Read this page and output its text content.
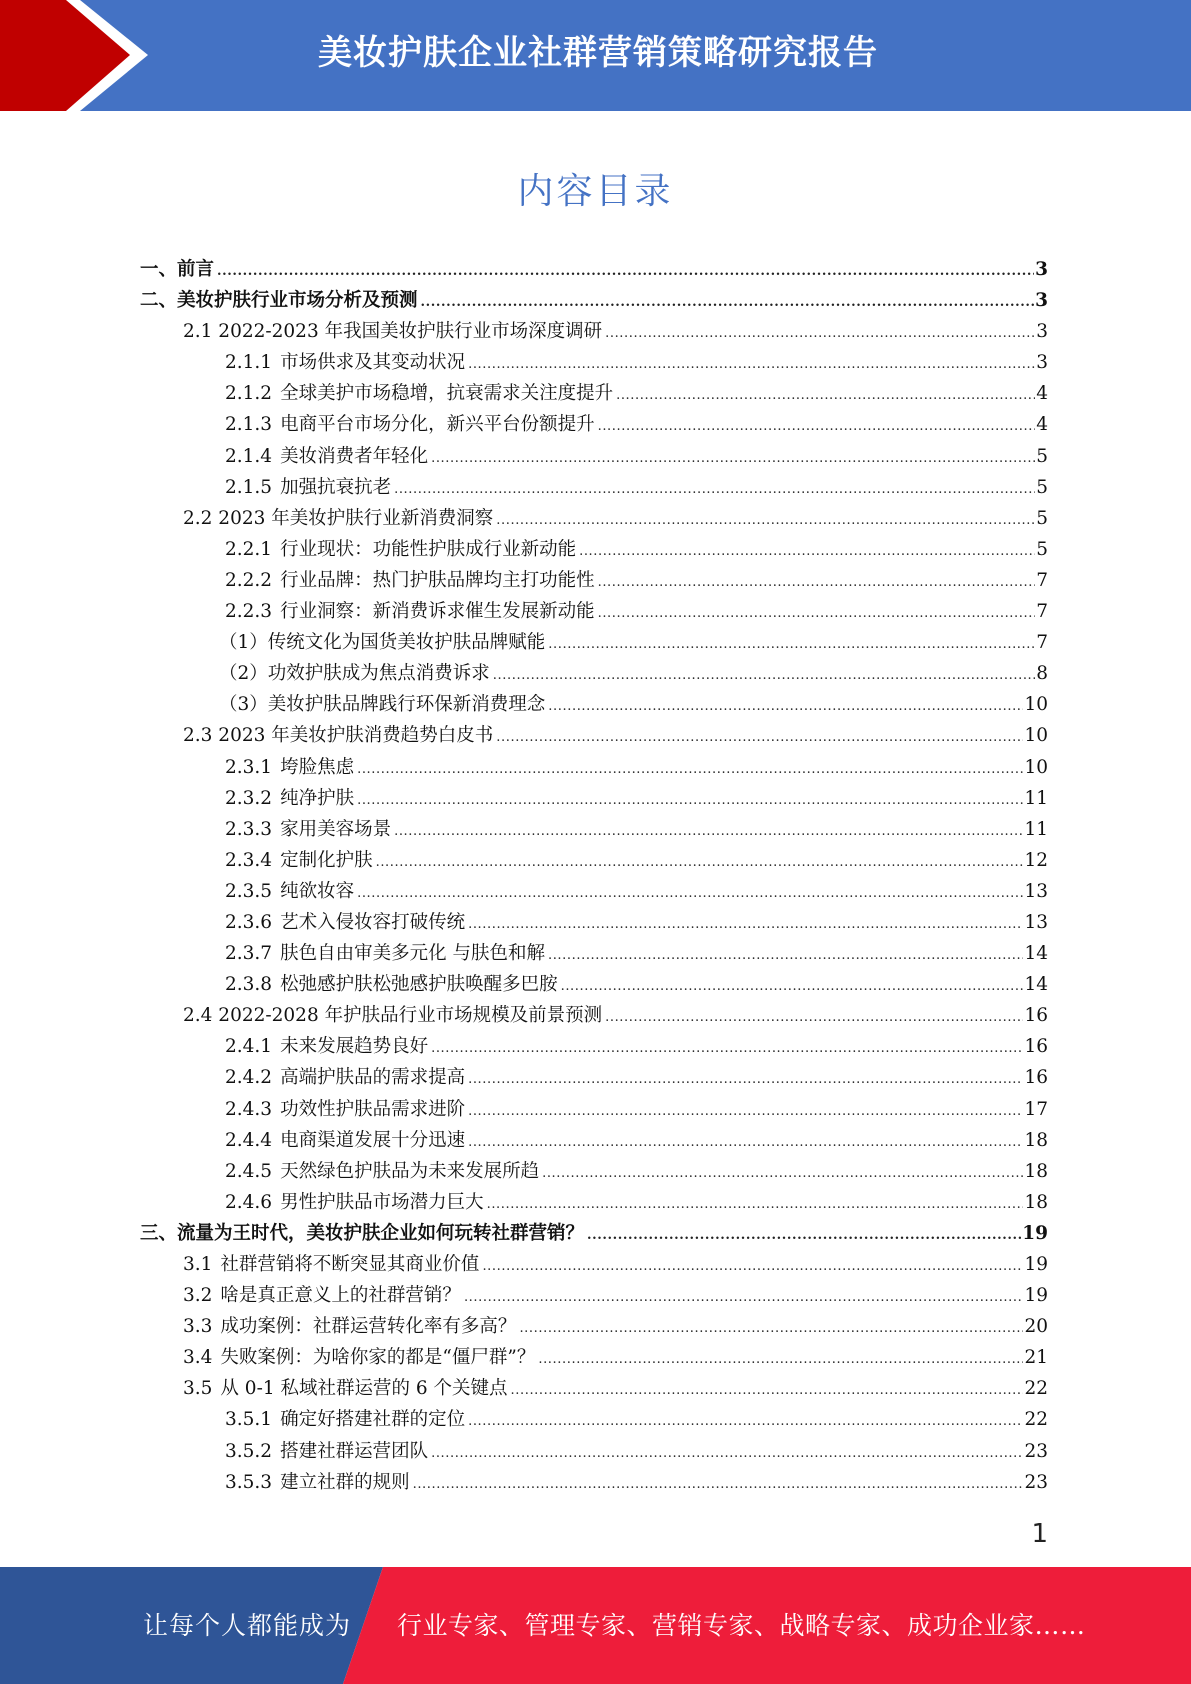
美妆护肤企业社群营销策略研究报告
内容目录
一、前言 .....	3
二、美妆护肤行业市场分析及预测 .....	3
2.1 2022-2023 年我国美妆护肤行业市场深度调研 .....	3
2.1.1 市场供求及其变动状况 .....	3
2.1.2 全球美护市场稳增，抗衰需求关注度提升 .....	4
2.1.3 电商平台市场分化，新兴平台份额提升 .....	4
2.1.4 美妆消费者年轻化 .....	5
2.1.5 加强抗衰抗老 .....	5
2.2 2023 年美妆护肤行业新消费洞察 .....	5
2.2.1 行业现状：功能性护肤成行业新动能 .....	5
2.2.2 行业品牌：热门护肤品牌均主打功能性 .....	7
2.2.3 行业洞察：新消费诉求催生发展新动能 .....	7
（1） 传统文化为国货美妆护肤品牌赋能 .....	7
（2） 功效护肤成为焦点消费诉求 .....	8
（3） 美妆护肤品牌践行环保新消费理念 .....	10
2.3 2023 年美妆护肤消费趋势白皮书 .....	10
2.3.1 垮脸焦虑 .....	10
2.3.2 纯净护肤 .....	11
2.3.3 家用美容场景 .....	11
2.3.4 定制化护肤 .....	12
2.3.5 纯欲妆容 .....	13
2.3.6 艺术入侵妆容打破传统 .....	13
2.3.7 肤色自由审美多元化 与肤色和解 .....	14
2.3.8 松弛感护肤松弛感护肤唤醒多巴胺 .....	14
2.4 2022-2028 年护肤品行业市场规模及前景预测 .....	16
2.4.1 未来发展趋势良好 .....	16
2.4.2 高端护肤品的需求提高 .....	16
2.4.3 功效性护肤品需求进阶 .....	17
2.4.4 电商渠道发展十分迅速 .....	18
2.4.5 天然绿色护肤品为未来发展所趋 .....	18
2.4.6 男性护肤品市场潜力巨大 .....	18
三、流量为王时代，美妆护肤企业如何玩转社群营销？ .....	19
3.1 社群营销将不断突显其商业价值 .....	19
3.2 啥是真正意义上的社群营销？ .....	19
3.3 成功案例：社群运营转化率有多高？ .....	20
3.4 失败案例：为啥你家的都是“僵尸群”？ .....	21
3.5 从 0-1 私域社群运营的 6 个关键点 .....	22
3.5.1 确定好搭建社群的定位 .....	22
3.5.2 搭建社群运营团队 .....	23
3.5.3 建立社群的规则 .....	23
1
让每个人都能成为 行业专家、管理专家、营销专家、战略专家、成功企业家……
